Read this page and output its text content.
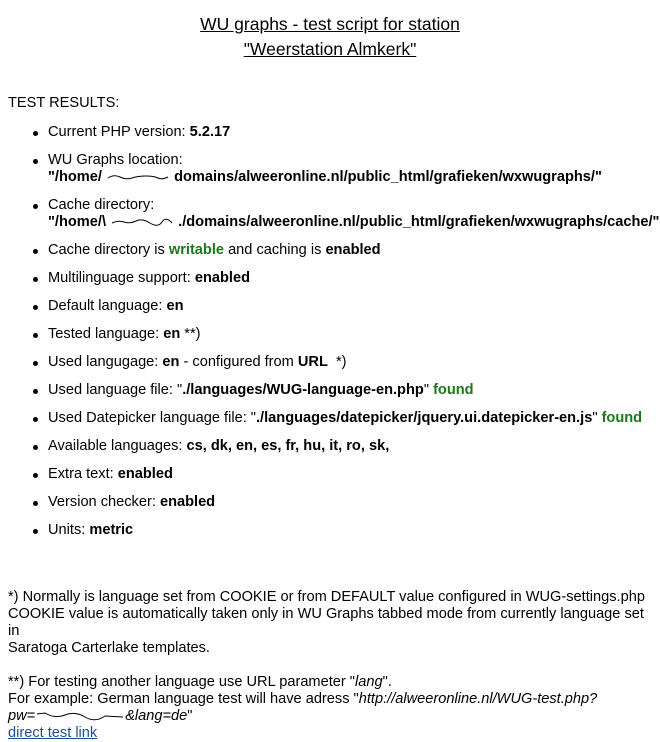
WU graphs - test script for station
"Weerstation Almkerk"
TEST RESULTS:
Current PHP version: 5.2.17
WU Graphs location:
"/home/	domains/alweeronline.nl/public_html/grafieken/wxwugraphs/"
Cache directory:
"/home/\	./domains/alweeronline.nl/public_html/grafieken/wxwugraphs/cache/"
Cache directory is writable and caching is enabled
Multilinguage support: enabled
Default language: en
Tested language: en **)
Used langugage: en - configured from URL  *)
Used language file: "./languages/WUG-language-en.php" found
Used Datepicker language file: "./languages/datepicker/jquery.ui.datepicker-en.js" found
Available languages: cs, dk, en, es, fr, hu, it, ro, sk,
Extra text: enabled
Version checker: enabled
Units: metric

*) Normally is language set from COOKIE or from DEFAULT value configured in WUG-settings.php

COOKIE value is automatically taken only in WU Graphs tabbed mode from currently language set in

Saratoga Carterlake templates.

**) For testing another language use URL parameter "lang".

For example: German language test will have adress "http://alweeronline.nl/WUG-test.php?

pw=	&lang=de"

direct test link
